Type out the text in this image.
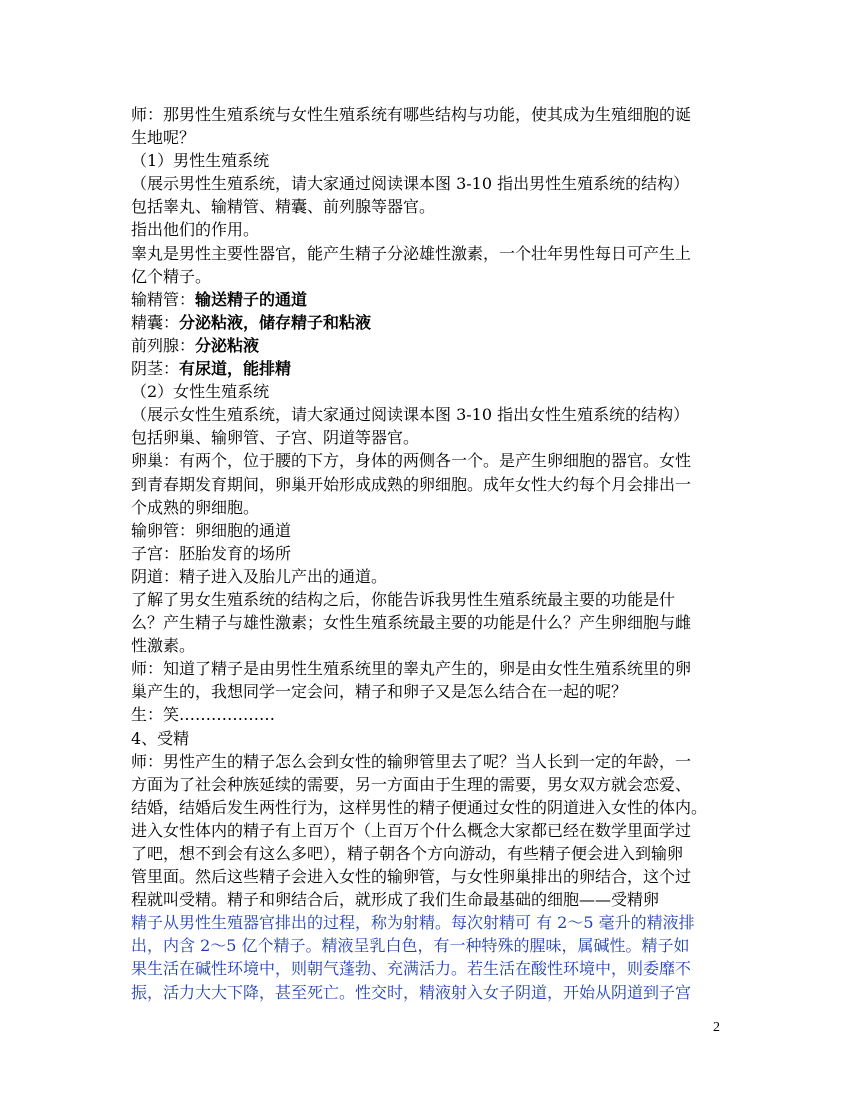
师：那男性生殖系统与女性生殖系统有哪些结构与功能，使其成为生殖细胞的诞
生地呢？
（1）男性生殖系统
（展示男性生殖系统，请大家通过阅读课本图 3-10 指出男性生殖系统的结构）
包括睾丸、输精管、精囊、前列腺等器官。
指出他们的作用。
睾丸是男性主要性器官，能产生精子分泌雄性激素，一个壮年男性每日可产生上
亿个精子。
输精管：输送精子的通道
精囊：分泌粘液，储存精子和粘液
前列腺：分泌粘液
阴茎：有尿道，能排精
（2）女性生殖系统
（展示女性生殖系统，请大家通过阅读课本图 3-10 指出女性生殖系统的结构）
包括卵巢、输卵管、子宫、阴道等器官。
卵巢：有两个，位于腰的下方，身体的两侧各一个。是产生卵细胞的器官。女性
到青春期发育期间，卵巢开始形成成熟的卵细胞。成年女性大约每个月会排出一
个成熟的卵细胞。
输卵管：卵细胞的通道
子宫：胚胎发育的场所
阴道：精子进入及胎儿产出的通道。
了解了男女生殖系统的结构之后，你能告诉我男性生殖系统最主要的功能是什
么？产生精子与雄性激素；女性生殖系统最主要的功能是什么？产生卵细胞与雌
性激素。
师：知道了精子是由男性生殖系统里的睾丸产生的，卵是由女性生殖系统里的卵
巢产生的，我想同学一定会问，精子和卵子又是怎么结合在一起的呢？
生：笑………………
4、受精
师：男性产生的精子怎么会到女性的输卵管里去了呢？当人长到一定的年龄，一
方面为了社会种族延续的需要，另一方面由于生理的需要，男女双方就会恋爱、
结婚，结婚后发生两性行为，这样男性的精子便通过女性的阴道进入女性的体内。
进入女性体内的精子有上百万个（上百万个什么概念大家都已经在数学里面学过
了吧，想不到会有这么多吧），精子朝各个方向游动，有些精子便会进入到输卵
管里面。然后这些精子会进入女性的输卵管，与女性卵巢排出的卵结合，这个过
程就叫受精。精子和卵结合后，就形成了我们生命最基础的细胞——受精卵
精子从男性生殖器官排出的过程，称为射精。每次射精可 有 2～5 毫升的精液排
出，内含 2～5 亿个精子。精液呈乳白色，有一种特殊的腥味，属碱性。精子如
果生活在碱性环境中，则朝气蓬勃、充满活力。若生活在酸性环境中，则委靡不
振，活力大大下降，甚至死亡。性交时，精液射入女子阴道，开始从阴道到子宫
2
